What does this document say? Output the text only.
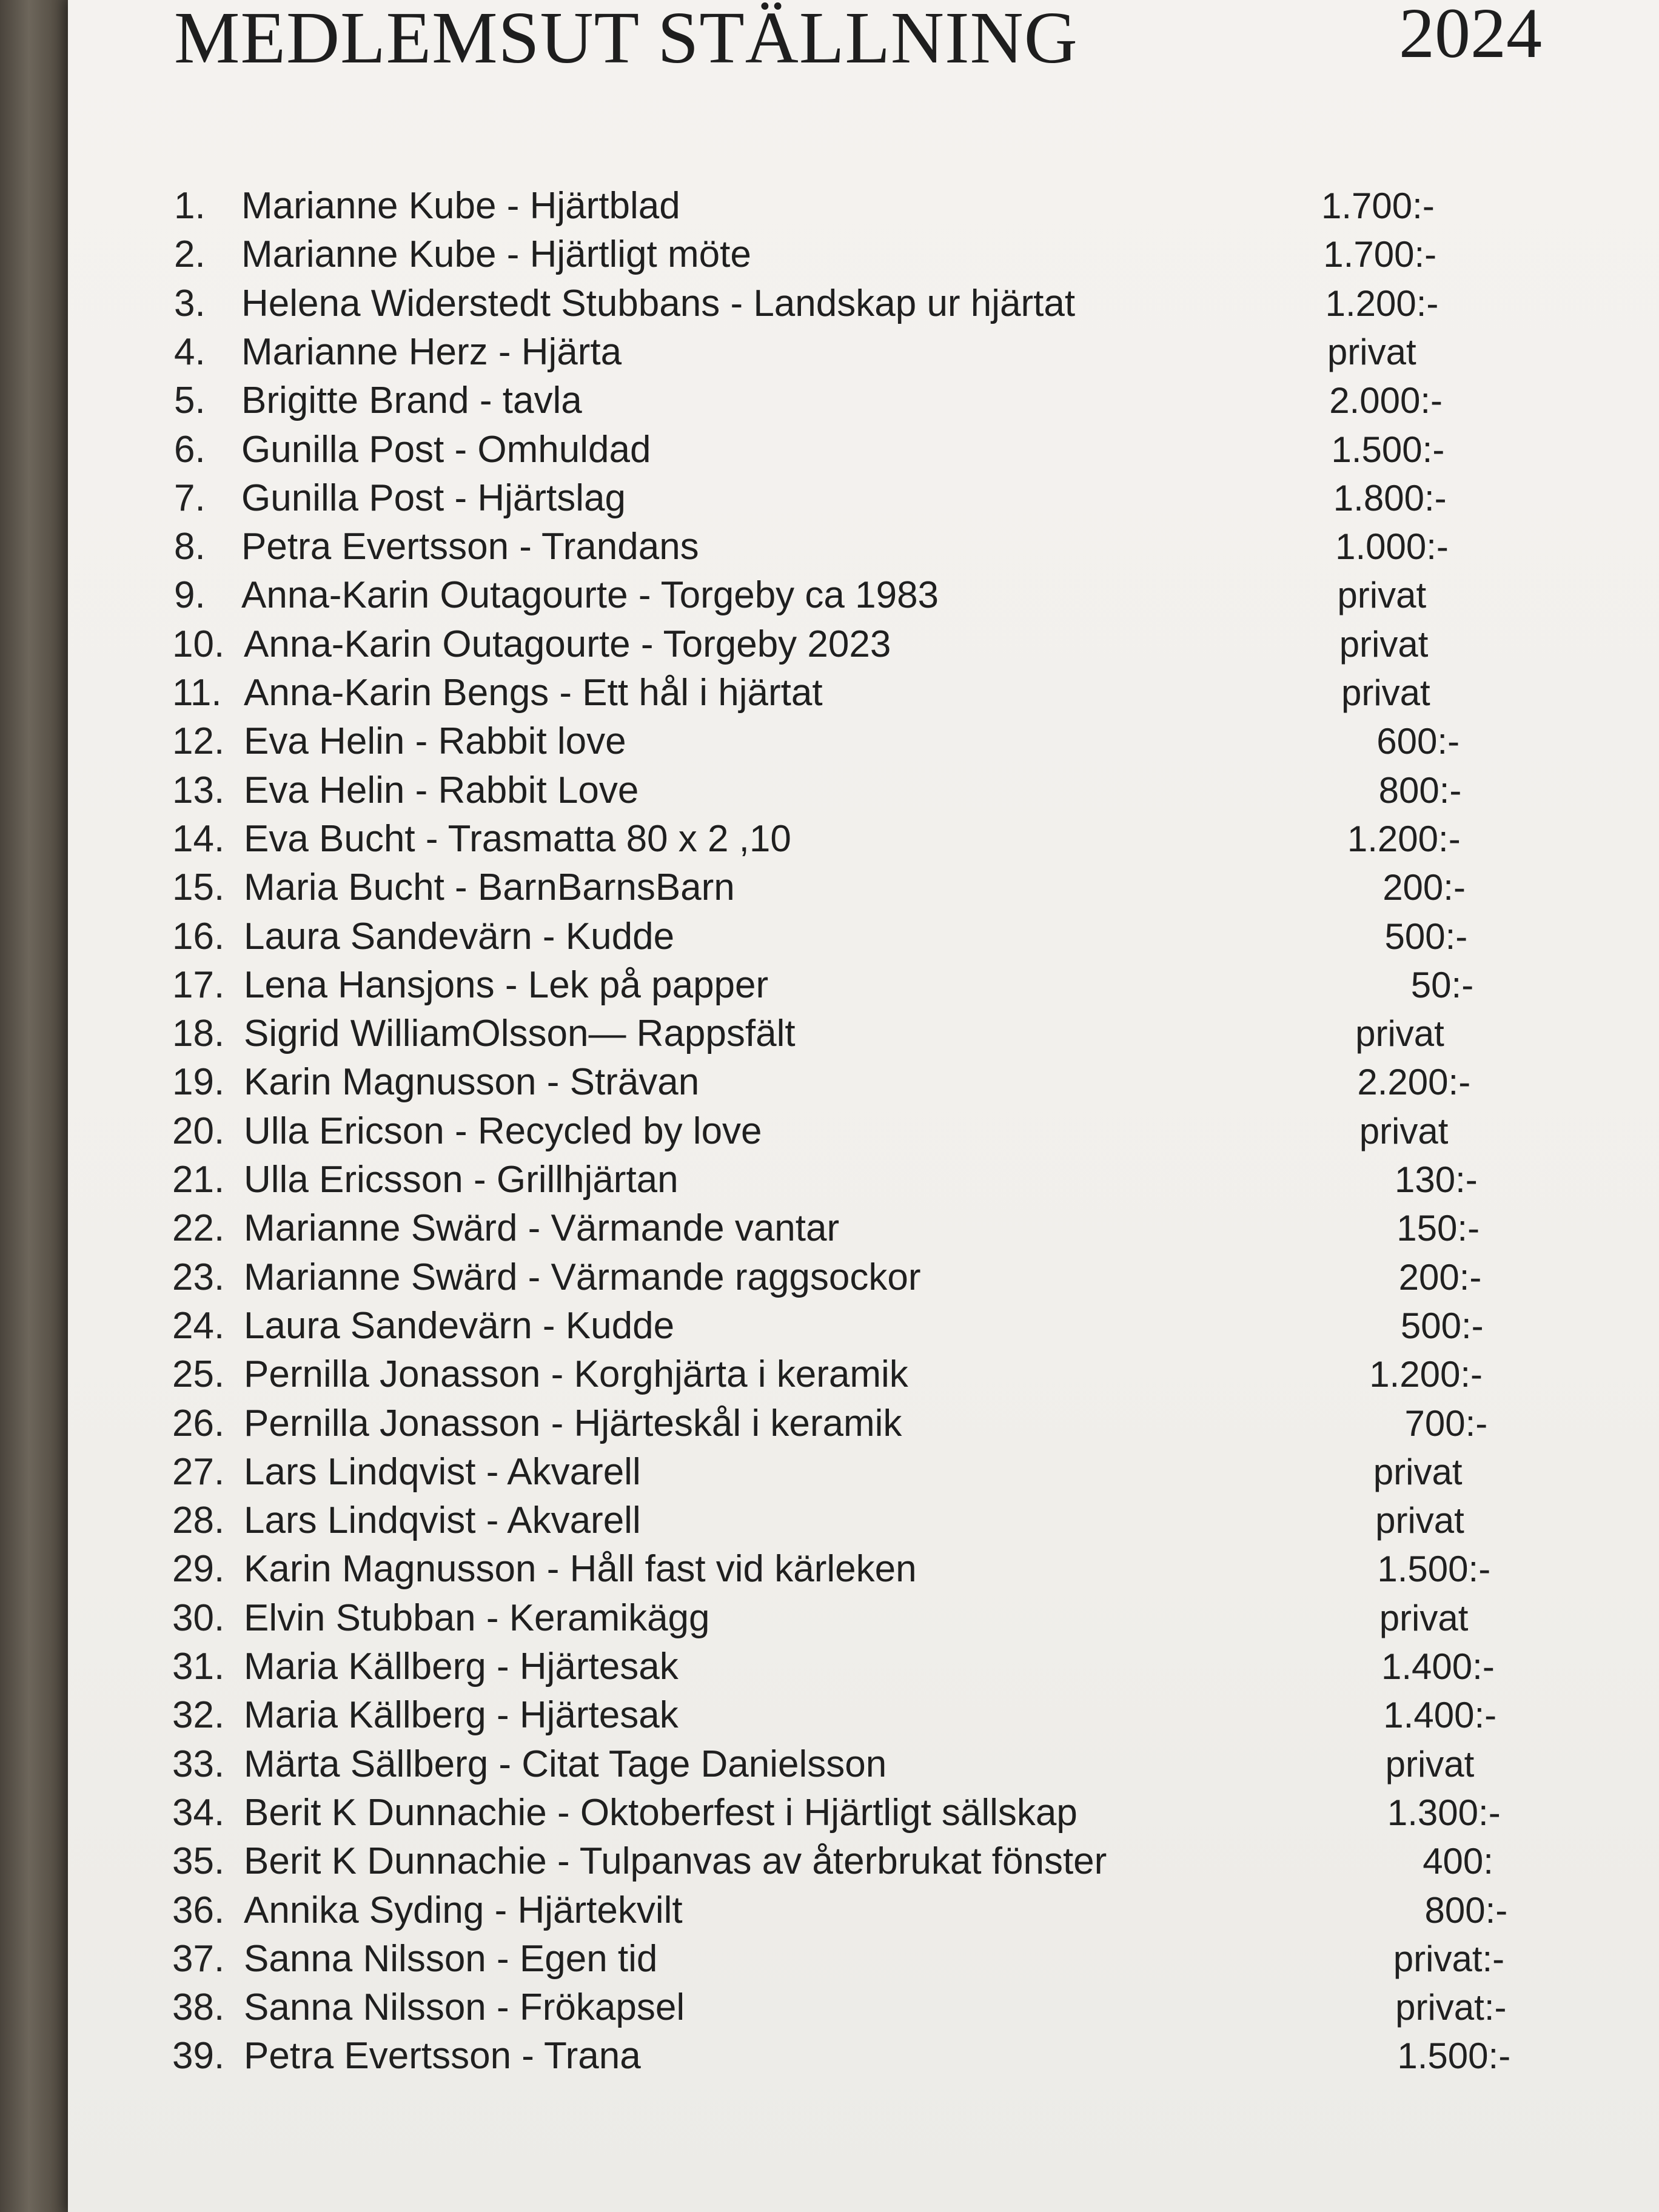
MEDLEMSUT STÄLLNING	2024
1. Marianne Kube - Hjärtblad	1.700:-
2. Marianne Kube - Hjärtligt möte	1.700:-
3. Helena Widerstedt Stubbans - Landskap ur hjärtat	1.200:-
4. Marianne Herz - Hjärta	privat
5. Brigitte Brand - tavla	2.000:-
6. Gunilla Post - Omhuldad	1.500:-
7. Gunilla Post - Hjärtslag	1.800:-
8. Petra Evertsson - Trandans	1.000:-
9. Anna-Karin Outagourte - Torgeby ca 1983	privat
10. Anna-Karin Outagourte - Torgeby 2023	privat
11. Anna-Karin Bengs - Ett hål i hjärtat	privat
12. Eva Helin - Rabbit love	600:-
13. Eva Helin - Rabbit Love	800:-
14. Eva Bucht - Trasmatta 80 x 2 ,10	1.200:-
15. Maria Bucht - BarnBarnsBarn	200:-
16. Laura Sandevärn - Kudde	500:-
17. Lena Hansjons - Lek på papper	50:-
18. Sigrid WilliamOlsson— Rappsfält	privat
19. Karin Magnusson - Strävan	2.200:-
20. Ulla Ericson - Recycled by love	privat
21. Ulla Ericsson - Grillhjärtan	130:-
22. Marianne Swärd - Värmande vantar	150:-
23. Marianne Swärd - Värmande raggsockor	200:-
24. Laura Sandevärn - Kudde	500:-
25. Pernilla Jonasson - Korghjärta i keramik	1.200:-
26. Pernilla Jonasson - Hjärteskål i keramik	700:-
27. Lars Lindqvist - Akvarell	privat
28. Lars Lindqvist - Akvarell	privat
29. Karin Magnusson - Håll fast vid kärleken	1.500:-
30. Elvin Stubban - Keramikägg	privat
31. Maria Källberg - Hjärtesak	1.400:-
32. Maria Källberg - Hjärtesak	1.400:-
33. Märta Sällberg - Citat Tage Danielsson	privat
34. Berit K Dunnachie - Oktoberfest i Hjärtligt sällskap	1.300:-
35. Berit K Dunnachie - Tulpanvas av återbrukat fönster	400:
36. Annika Syding - Hjärtekvilt	800:-
37. Sanna Nilsson - Egen tid	privat:-
38. Sanna Nilsson - Frökapsel	privat:-
39. Petra Evertsson - Trana	1.500:-
